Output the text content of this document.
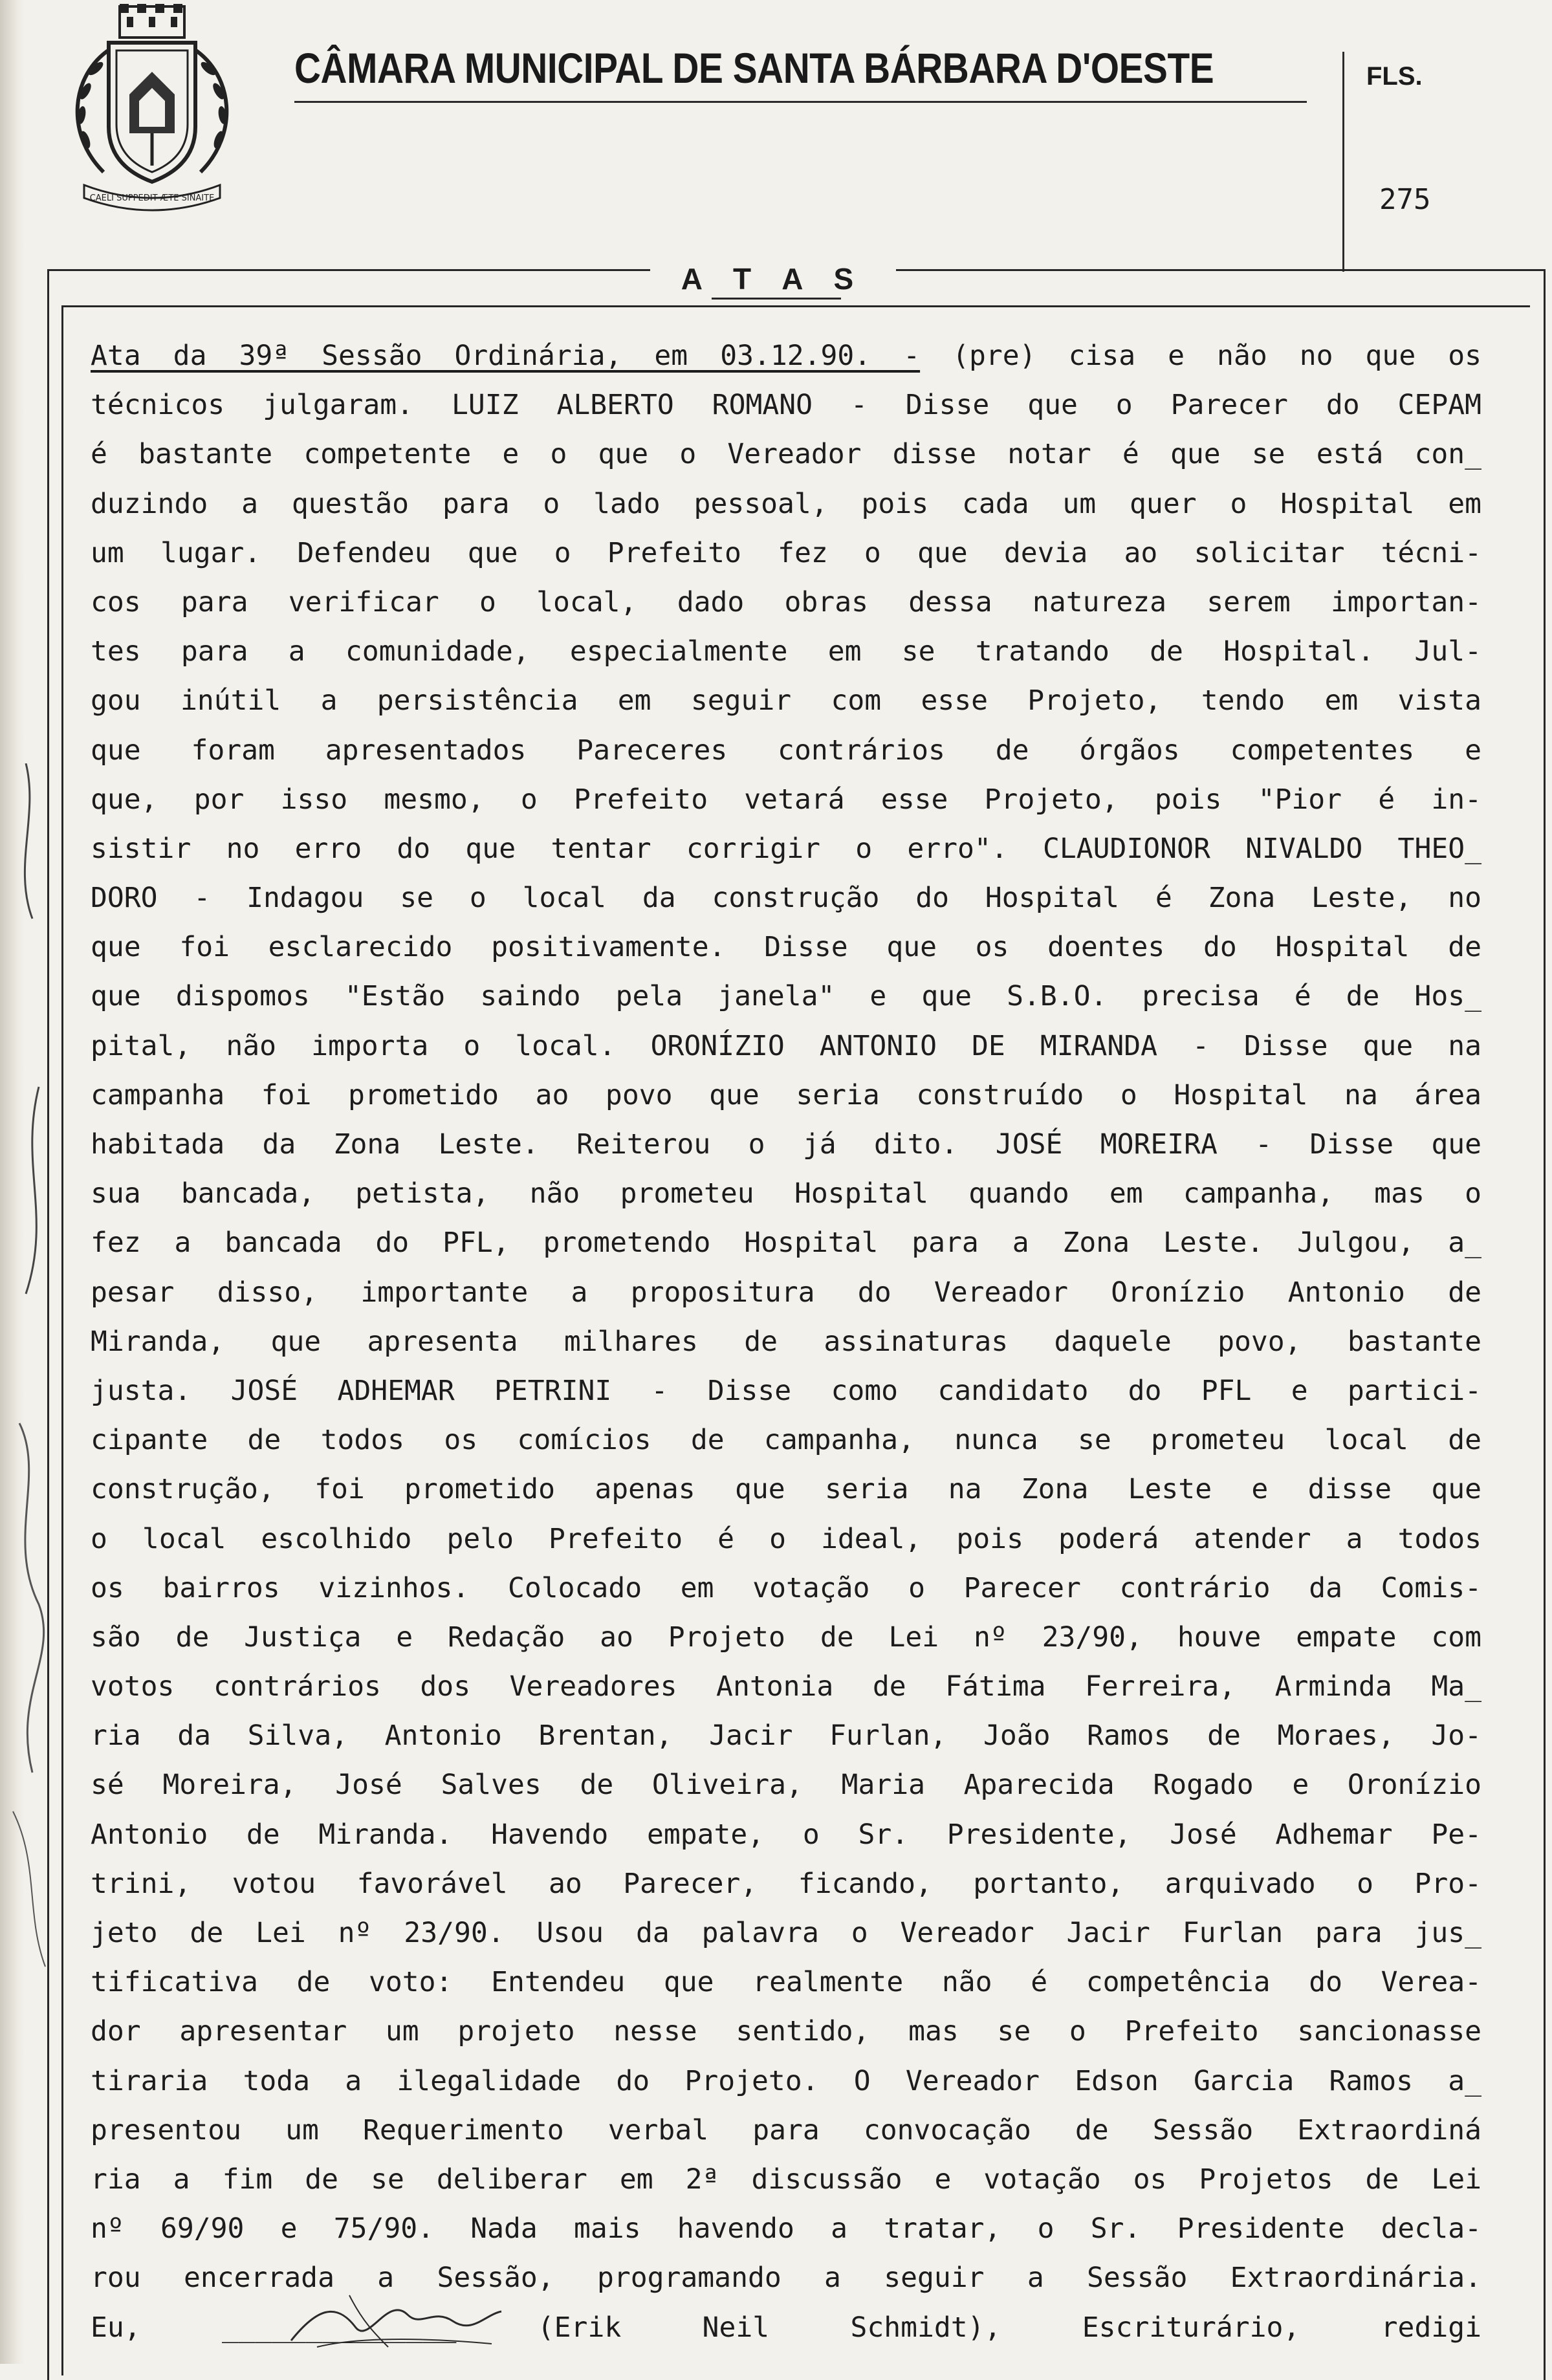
CAELI SUPPEDIT ÆTE SINAITE
CÂMARA MUNICIPAL DE SANTA BÁRBARA D'OESTE	FLS.
275
A T A S
Ata da 39ª Sessão Ordinária, em 03.12.90. - (pre) cisa e não no que os
técnicos julgaram. LUIZ ALBERTO ROMANO - Disse que o Parecer do CEPAM
é bastante competente e o que o Vereador disse notar é que se está con_
duzindo a questão para o lado pessoal, pois cada um quer o Hospital em
um lugar. Defendeu que o Prefeito fez o que devia ao solicitar técni-
cos para verificar o local, dado obras dessa natureza serem importan-
tes para a comunidade, especialmente em se tratando de Hospital. Jul-
gou inútil a persistência em seguir com esse Projeto, tendo em vista
que foram apresentados Pareceres contrários de órgãos competentes e
que, por isso mesmo, o Prefeito vetará esse Projeto, pois "Pior é in-
sistir no erro do que tentar corrigir o erro". CLAUDIONOR NIVALDO THEO_
DORO - Indagou se o local da construção do Hospital é Zona Leste, no
que foi esclarecido positivamente. Disse que os doentes do Hospital de
que dispomos "Estão saindo pela janela" e que S.B.O. precisa é de Hos_
pital, não importa o local. ORONÍZIO ANTONIO DE MIRANDA - Disse que na
campanha foi prometido ao povo que seria construído o Hospital na área
habitada da Zona Leste. Reiterou o já dito. JOSÉ MOREIRA - Disse que
sua bancada, petista, não prometeu Hospital quando em campanha, mas o
fez a bancada do PFL, prometendo Hospital para a Zona Leste. Julgou, a_
pesar disso, importante a propositura do Vereador Oronízio Antonio de
Miranda, que apresenta milhares de assinaturas daquele povo, bastante
justa. JOSÉ ADHEMAR PETRINI - Disse como candidato do PFL e partici-
cipante de todos os comícios de campanha, nunca se prometeu local de
construção, foi prometido apenas que seria na Zona Leste e disse que
o local escolhido pelo Prefeito é o ideal, pois poderá atender a todos
os bairros vizinhos. Colocado em votação o Parecer contrário da Comis-
são de Justiça e Redação ao Projeto de Lei nº 23/90, houve empate com
votos contrários dos Vereadores Antonia de Fátima Ferreira, Arminda Ma_
ria da Silva, Antonio Brentan, Jacir Furlan, João Ramos de Moraes, Jo-
sé Moreira, José Salves de Oliveira, Maria Aparecida Rogado e Oronízio
Antonio de Miranda. Havendo empate, o Sr. Presidente, José Adhemar Pe-
trini, votou favorável ao Parecer, ficando, portanto, arquivado o Pro-
jeto de Lei nº 23/90. Usou da palavra o Vereador Jacir Furlan para jus_
tificativa de voto: Entendeu que realmente não é competência do Verea-
dor apresentar um projeto nesse sentido, mas se o Prefeito sancionasse
tiraria toda a ilegalidade do Projeto. O Vereador Edson Garcia Ramos a_
presentou um Requerimento verbal para convocação de Sessão Extraordiná
ria a fim de se deliberar em 2ª discussão e votação os Projetos de Lei
nº 69/90 e 75/90. Nada mais havendo a tratar, o Sr. Presidente decla-
rou encerrada a Sessão, programando a seguir a Sessão Extraordinária.
Eu, ______________ (Erik Neil Schmidt), Escriturário, redigi
